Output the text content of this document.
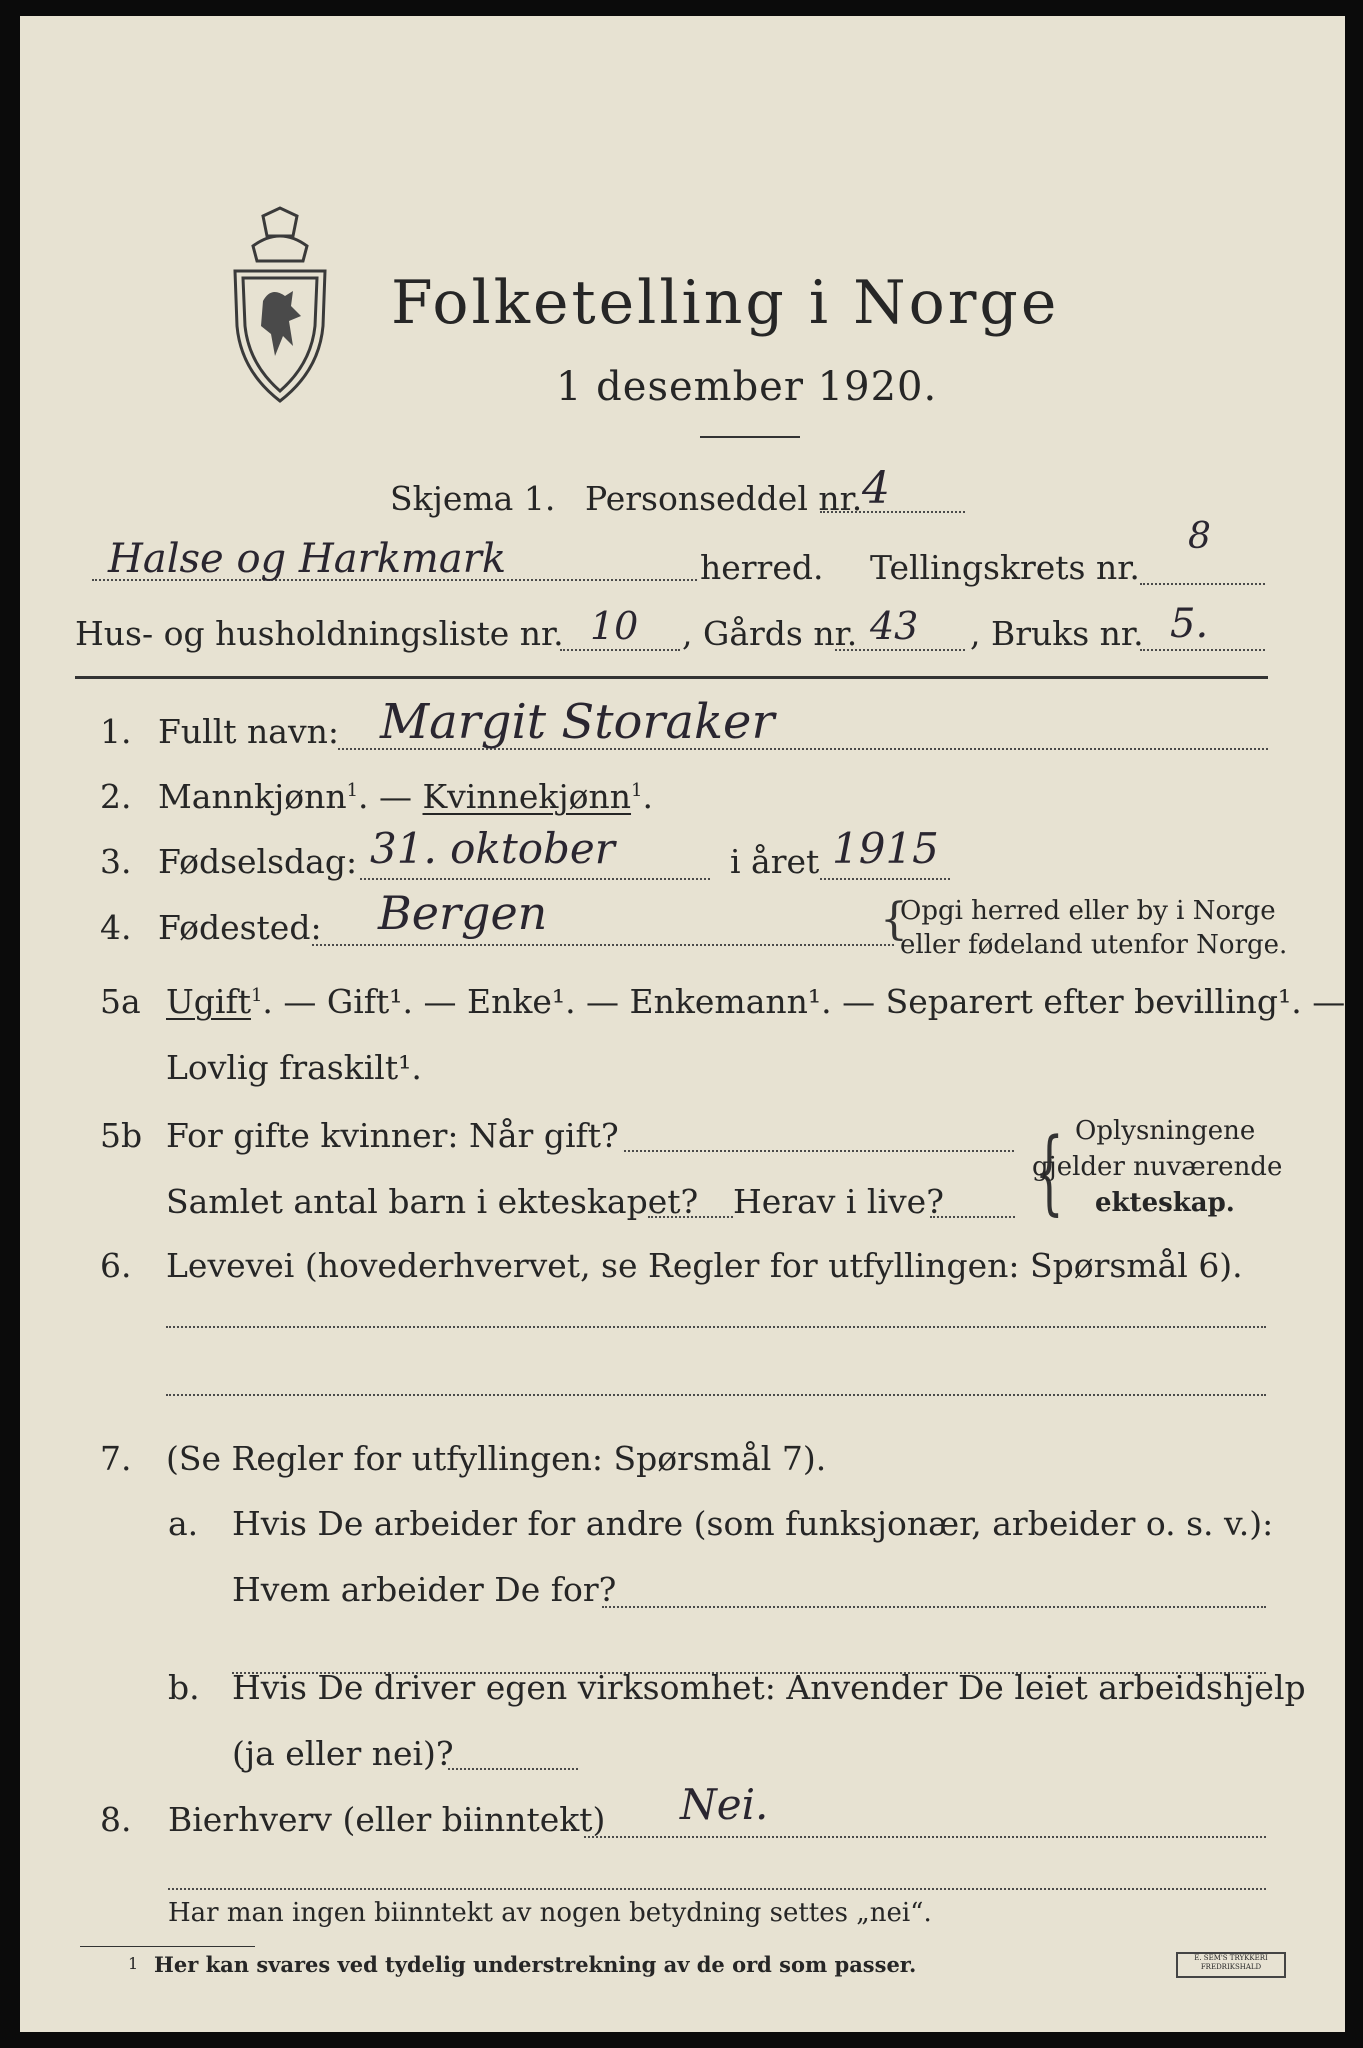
Folketelling i Norge
1 desember 1920.
Skjema 1. Personseddel nr. 4
Halse og Harkmark	herred. Tellingskrets nr.
8
Hus- og husholdningsliste nr. 10 , Gårds nr. 43 , Bruks nr. 5.
1. Fullt navn: Margit Storaker
2. Mannkjønn$^1$. — Kvinnekjønn$^1$.
3. Fødselsdag: 31. oktober	i året 1915
4. Fødested: Bergen	{
Opgi herred eller by i Norge
eller fødeland utenfor Norge.
5a Ugift$^1$. — Gift¹. — Enke¹. — Enkemann¹. — Separert efter bevilling¹. —
Lovlig fraskilt¹.
5b For gifte kvinner: Når gift?
Samlet antal barn i ekteskapet? Herav i live? { Oplysningene
gjelder nuværende
ekteskap.
6. Levevei (hovederhvervet, se Regler for utfyllingen: Spørsmål 6).
7. (Se Regler for utfyllingen: Spørsmål 7).
a. Hvis De arbeider for andre (som funksjonær, arbeider o. s. v.):
Hvem arbeider De for?
b. Hvis De driver egen virksomhet: Anvender De leiet arbeidshjelp
(ja eller nei)?
8. Bierhverv (eller biinntekt) Nei.
Har man ingen biinntekt av nogen betydning settes „nei“.
1 Her kan svares ved tydelig understrekning av de ord som passer.	E. SEM'S TRYKKERI FREDRIKSHALD
